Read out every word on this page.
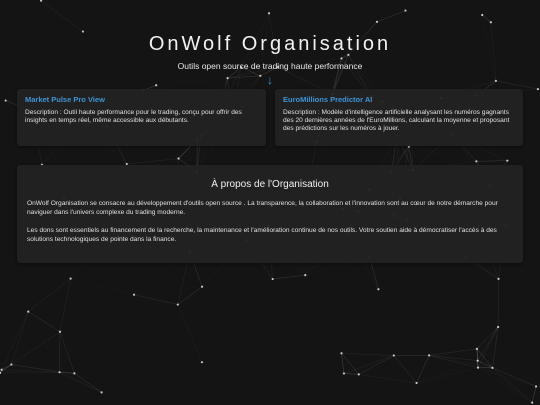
OnWolf Organisation
Outils open source de trading haute performance
↓
Market Pulse Pro View
Description : Outil haute performance pour le trading, conçu pour offrir des insights en temps réel, même accessible aux débutants.
EuroMillions Predictor AI
Description : Modèle d'intelligence artificielle analysant les numéros gagnants des 20 dernières années de l'EuroMillions, calculant la moyenne et proposant des prédictions sur les numéros à jouer.
À propos de l'Organisation

OnWolf Organisation se consacre au développement d'outils open source . La transparence, la collaboration et l'innovation sont au cœur de notre démarche pour naviguer dans l'univers complexe du trading moderne.

Les dons sont essentiels au financement de la recherche, la maintenance et l'amélioration continue de nos outils. Votre soutien aide à démocratiser l'accès à des solutions technologiques de pointe dans la finance.
